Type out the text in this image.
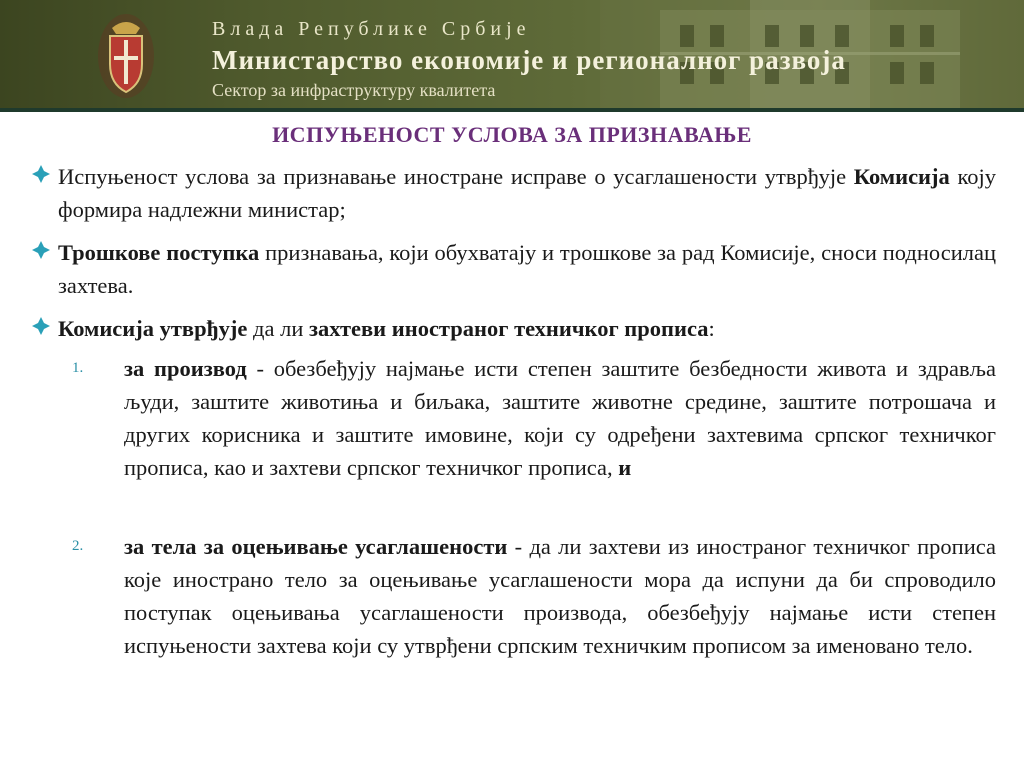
Влада Републике Србије
Министарство економије и регионалног развоја
Сектор за инфраструктуру квалитета
ИСПУЊЕНОСТ УСЛОВА ЗА ПРИЗНАВАЊЕ
Испуњеност услова за признавање иностране исправе о усаглашености утврђује Комисија коју формира надлежни министар;
Трошкове поступка признавања, који обухватају и трошкове за рад Комисије, сноси подносилац захтева.
Комисија утврђује да ли захтеви иностраног техничког прописа:
1. за производ - обезбеђују најмање исти степен заштите безбедности живота и здравља људи, заштите животиња и биљака, заштите животне средине, заштите потрошача и других корисника и заштите имовине, који су одређени захтевима српског техничког прописа, као и захтеви српског техничког прописа, и
2. за тела за оцењивање усаглашености - да ли захтеви из иностраног техничког прописа које инострано тело за оцењивање усаглашености мора да испуни да би спроводило поступак оцењивања усаглашености производа, обезбеђују најмање исти степен испуњености захтева који су утврђени српским техничким прописом за именовано тело.
